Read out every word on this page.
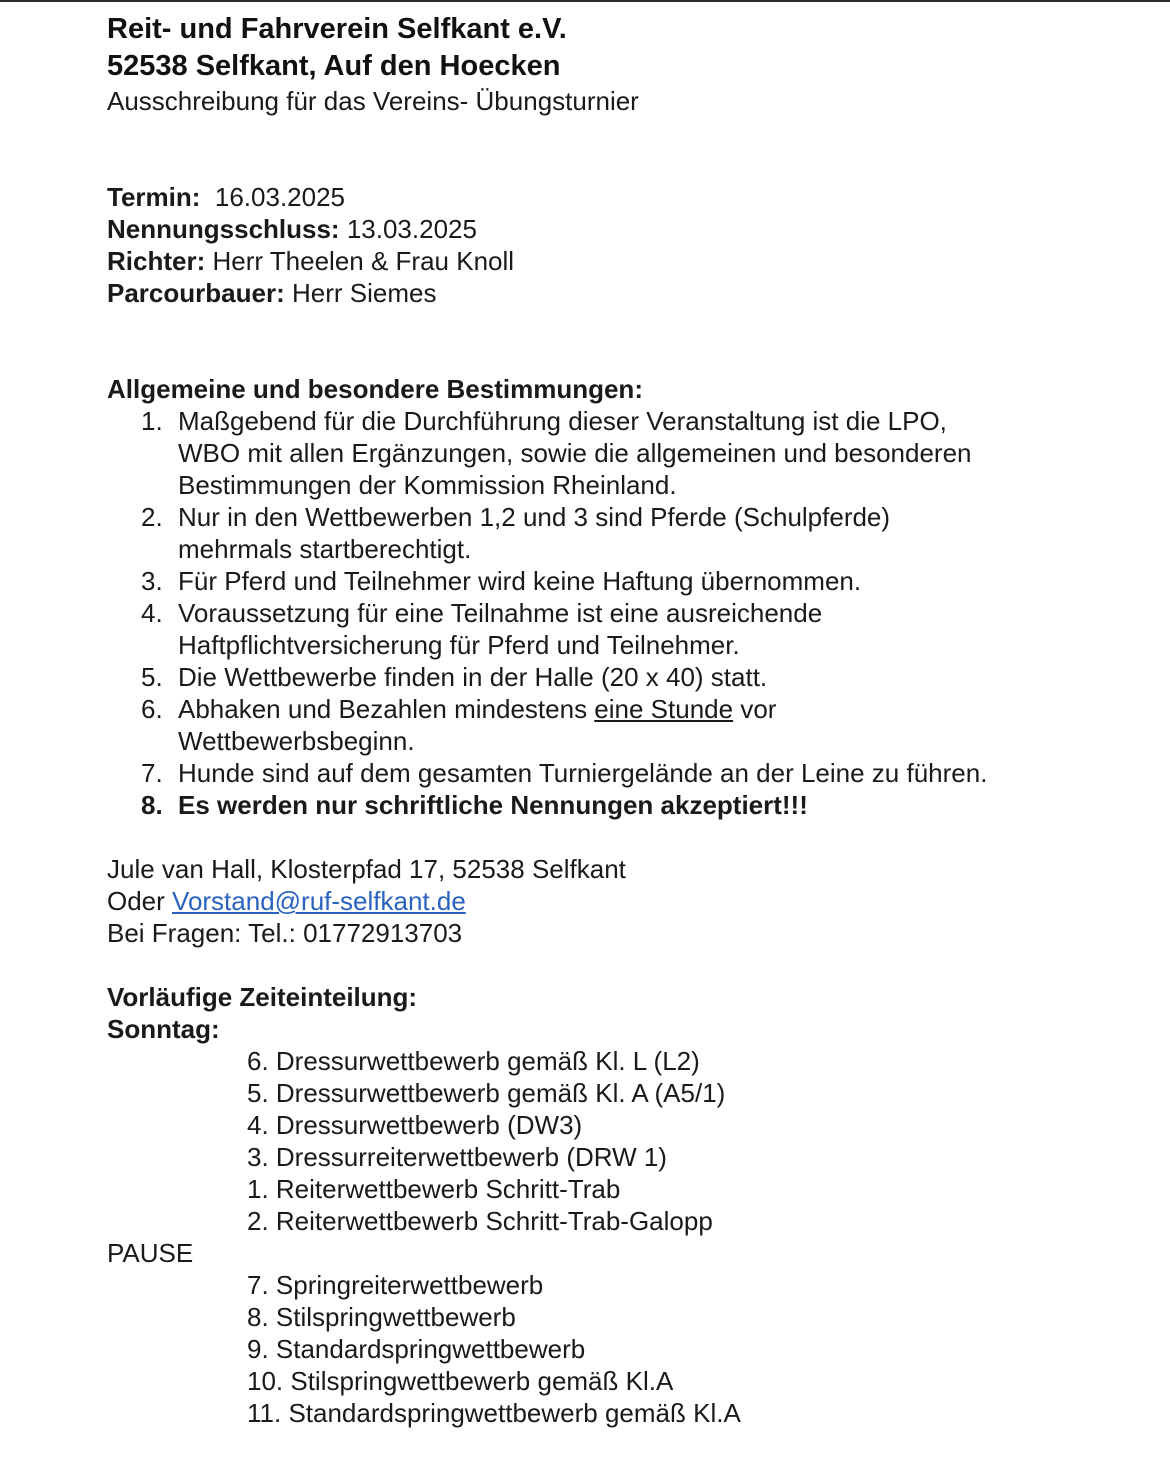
Reit- und Fahrverein Selfkant e.V.
52538 Selfkant, Auf den Hoecken
Ausschreibung für das Vereins- Übungsturnier
Termin: 16.03.2025
Nennungsschluss: 13.03.2025
Richter: Herr Theelen & Frau Knoll
Parcourbauer: Herr Siemes
Allgemeine und besondere Bestimmungen:
1. Maßgebend für die Durchführung dieser Veranstaltung ist die LPO,
WBO mit allen Ergänzungen, sowie die allgemeinen und besonderen
Bestimmungen der Kommission Rheinland.
2. Nur in den Wettbewerben 1,2 und 3 sind Pferde (Schulpferde)
mehrmals startberechtigt.
3. Für Pferd und Teilnehmer wird keine Haftung übernommen.
4. Voraussetzung für eine Teilnahme ist eine ausreichende
Haftpflichtversicherung für Pferd und Teilnehmer.
5. Die Wettbewerbe finden in der Halle (20 x 40) statt.
6. Abhaken und Bezahlen mindestens eine Stunde vor
Wettbewerbsbeginn.
7. Hunde sind auf dem gesamten Turniergelände an der Leine zu führen.
8. Es werden nur schriftliche Nennungen akzeptiert!!!
Jule van Hall, Klosterpfad 17, 52538 Selfkant
Oder Vorstand@ruf-selfkant.de
Bei Fragen: Tel.: 01772913703
Vorläufige Zeiteinteilung:
Sonntag:
6. Dressurwettbewerb gemäß Kl. L (L2)
5. Dressurwettbewerb gemäß Kl. A (A5/1)
4. Dressurwettbewerb (DW3)
3. Dressurreiterwettbewerb (DRW 1)
1. Reiterwettbewerb Schritt-Trab
2. Reiterwettbewerb Schritt-Trab-Galopp
PAUSE
7. Springreiterwettbewerb
8. Stilspringwettbewerb
9. Standardspringwettbewerb
10. Stilspringwettbewerb gemäß Kl.A
11. Standardspringwettbewerb gemäß Kl.A
